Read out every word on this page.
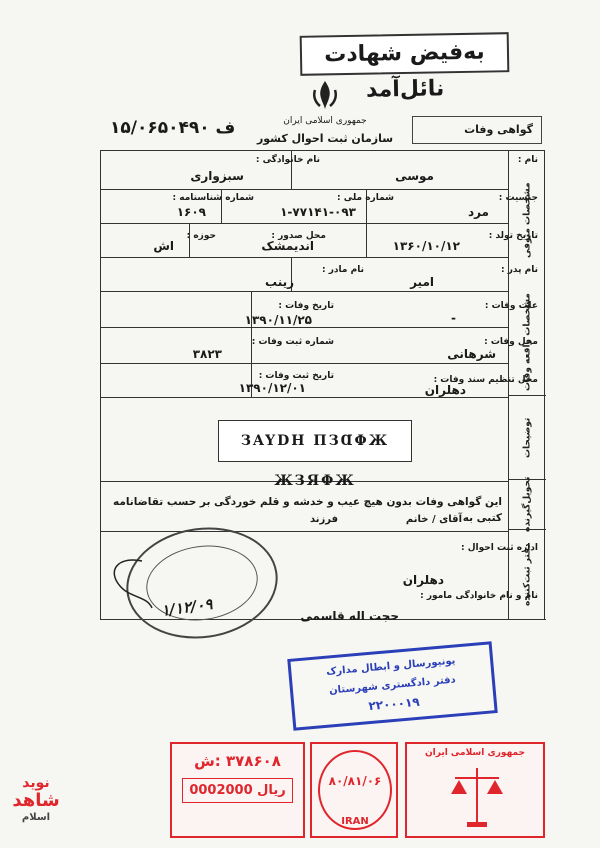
به‌فیض شهادت نائل‌آمد
جمهوری اسلامی ایران
سازمان ثبت احوال کشور
۱۵/ف ۰۶۵۰۴۹۰	گواهی وفات
نام :
موسی
نام خانوادگی :
سبزواری
جنسیت :
مرد
شماره ملی :
۱-۷۷۱۴۱-۰۹۳
شماره شناسنامه :
۱۶۰۹
تاریخ تولد :
۱۳۶۰/۱۰/۱۲
محل صدور :
اندیمشک
حوزه :
اش
نام پدر :
امیر
نام مادر :
زینب
علت وفات :
-
تاریخ وفات :
۱۳۹۰/۱۱/۲۵
محل وفات :
شرهانی
شماره ثبت وفات :
۳۸۲۳
محل تنظیم سند وفات :
دهلران
تاریخ ثبت وفات :
۱۳۹۰/۱۲/۰۱
اداره ثبت احوال :
دهلران
نام و نام خانوادگی مامور :
حجت اله قاسمی
مشخصات متوفی
مشخصات واقعه وفات
توضیحات
تحویل‌گیرنده
دفتر ثبت‌کننده
ЗAYDH ПЗⱭΦЖ ЖЗЯΦЖ
این گواهی وفات بدون هیچ عیب و خدشه و قلم خوردگی بر حسب تقاضانامه کتبی به
آقای / خانم
فرزند
۱/۱۲/۰۹
یونیورسال و ابطال مدارک
دفتر دادگستری شهرستان
۲۲۰۰۰۱۹
۳۷۸۶۰۸ :ش
0002000 ریال
۸۰/۸۱/۰۶
IRAN
جمهوری اسلامی ایران
نوید
شاهد
اسلام
